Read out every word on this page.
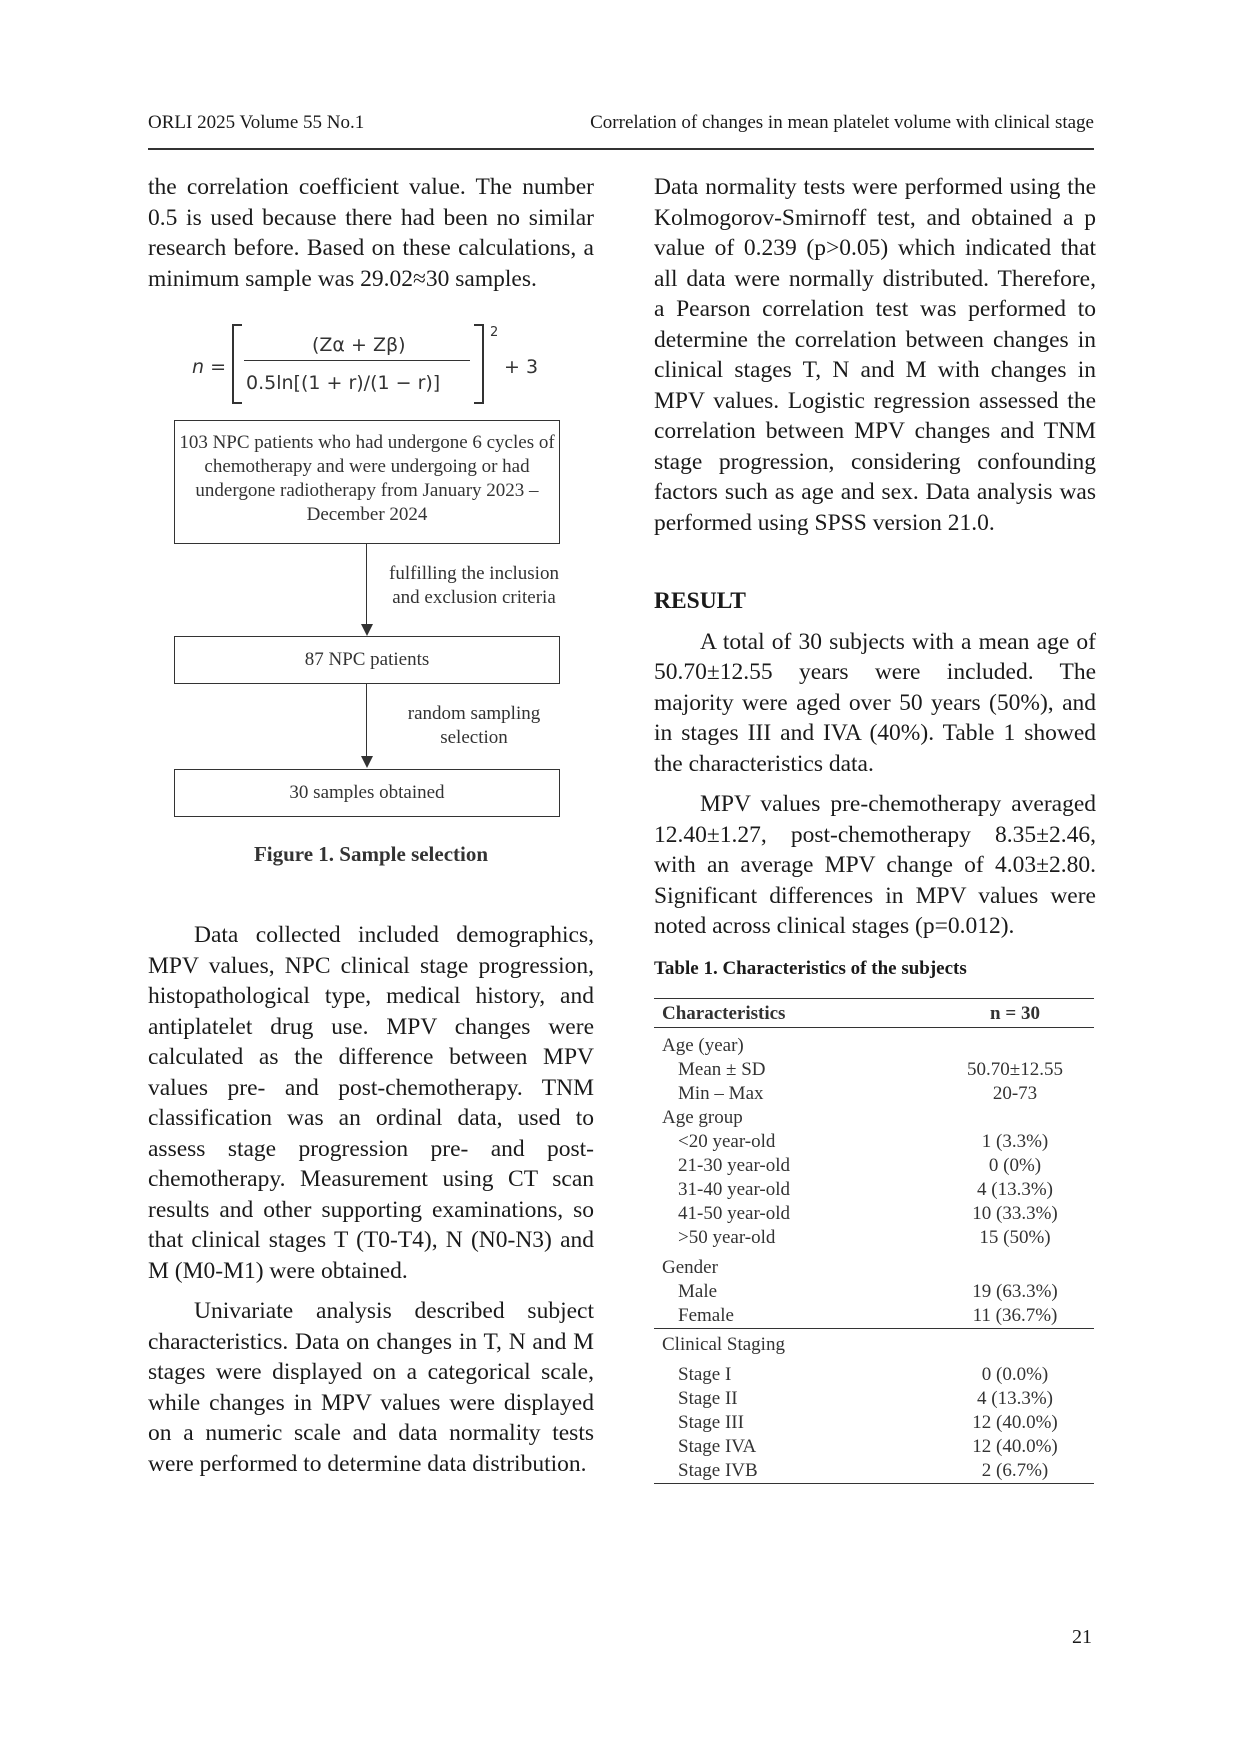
ORLI 2025 Volume 55 No.1	Correlation of changes in mean platelet volume with clinical stage

the correlation coefficient value. The number 0.5 is used because there had been no similar research before. Based on these calculations, a minimum sample was 29.02≈30 samples.

n =
(Zα + Zβ)
0.5ln[(1 + r)/(1 − r)]
2
+ 3
103 NPC patients who had undergone 6 cycles of chemotherapy and were undergoing or had undergone radiotherapy from January 2023 – December 2024
fulfilling the inclusion and exclusion criteria
87 NPC patients
random sampling selection
30 samples obtained
Figure 1. Sample selection

Data collected included demographics, MPV values, NPC clinical stage progression, histopathological type, medical history, and antiplatelet drug use. MPV changes were calculated as the difference between MPV values pre- and post-chemotherapy. TNM classification was an ordinal data, used to assess stage progression pre- and post-chemotherapy. Measurement using CT scan results and other supporting examinations, so that clinical stages T (T0-T4), N (N0-N3) and M (M0-M1) were obtained.

Univariate analysis described subject characteristics. Data on changes in T, N and M stages were displayed on a categorical scale, while changes in MPV values were displayed on a numeric scale and data normality tests were performed to determine data distribution.

Data normality tests were performed using the Kolmogorov-Smirnoff test, and obtained a p value of 0.239 (p>0.05) which indicated that all data were normally distributed. Therefore, a Pearson correlation test was performed to determine the correlation between changes in clinical stages T, N and M with changes in MPV values. Logistic regression assessed the correlation between MPV changes and TNM stage progression, considering confounding factors such as age and sex. Data analysis was performed using SPSS version 21.0.

RESULT

A total of 30 subjects with a mean age of 50.70±12.55 years were included. The majority were aged over 50 years (50%), and in stages III and IVA (40%). Table 1 showed the characteristics data.

MPV values pre-chemotherapy averaged 12.40±1.27, post-chemotherapy 8.35±2.46, with an average MPV change of 4.03±2.80. Significant differences in MPV values were noted across clinical stages (p=0.012).

Table 1. Characteristics of the subjects
Characteristics	n = 30
Age (year)	
Mean ± SD	50.70±12.55
Min – Max	20-73
Age group	
<20 year-old	1 (3.3%)
21-30 year-old	0 (0%)
31-40 year-old	4 (13.3%)
41-50 year-old	10 (33.3%)
>50 year-old	15 (50%)
Gender	
Male	19 (63.3%)
Female	11 (36.7%)
Clinical Staging	
Stage I	0 (0.0%)
Stage II	4 (13.3%)
Stage III	12 (40.0%)
Stage IVA	12 (40.0%)
Stage IVB	2 (6.7%)
21
